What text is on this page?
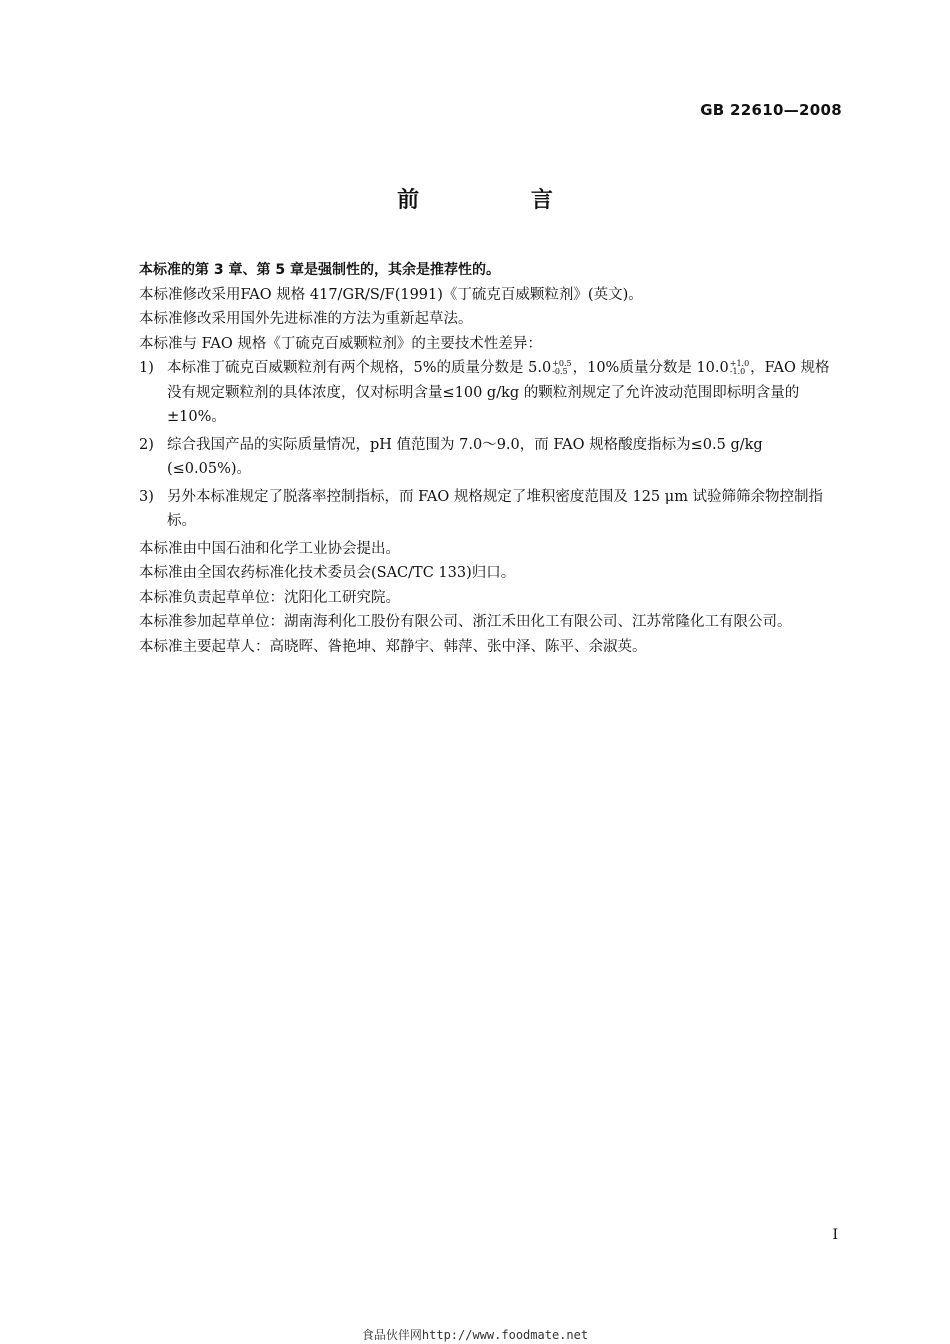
GB 22610—2008
前 言

本标准的第 3 章、第 5 章是强制性的，其余是推荐性的。

本标准修改采用FAO 规格 417/GR/S/F(1991)《丁硫克百威颗粒剂》(英文)。

本标准修改采用国外先进标准的方法为重新起草法。

本标准与 FAO 规格《丁硫克百威颗粒剂》的主要技术性差异：

1) 本标准丁硫克百威颗粒剂有两个规格，5%的质量分数是 5.0 +0.5
-0.5 ，10%质量分数是 10.0 +1.0
-1.0 ，FAO 规格没有规定颗粒剂的具体浓度，仅对标明含量≤100 g/kg 的颗粒剂规定了允许波动范围即标明含量的±10%。
2) 综合我国产品的实际质量情况，pH 值范围为 7.0～9.0，而 FAO 规格酸度指标为≤0.5 g/kg (≤0.05%)。
3) 另外本标准规定了脱落率控制指标，而 FAO 规格规定了堆积密度范围及 125 μm 试验筛筛余物控制指标。

本标准由中国石油和化学工业协会提出。

本标准由全国农药标准化技术委员会(SAC/TC 133)归口。

本标准负责起草单位：沈阳化工研究院。

本标准参加起草单位：湖南海利化工股份有限公司、浙江禾田化工有限公司、江苏常隆化工有限公司。

本标准主要起草人：高晓晖、昝艳坤、郑静宇、韩萍、张中泽、陈平、余淑英。

I
食品伙伴网http://www.foodmate.net
